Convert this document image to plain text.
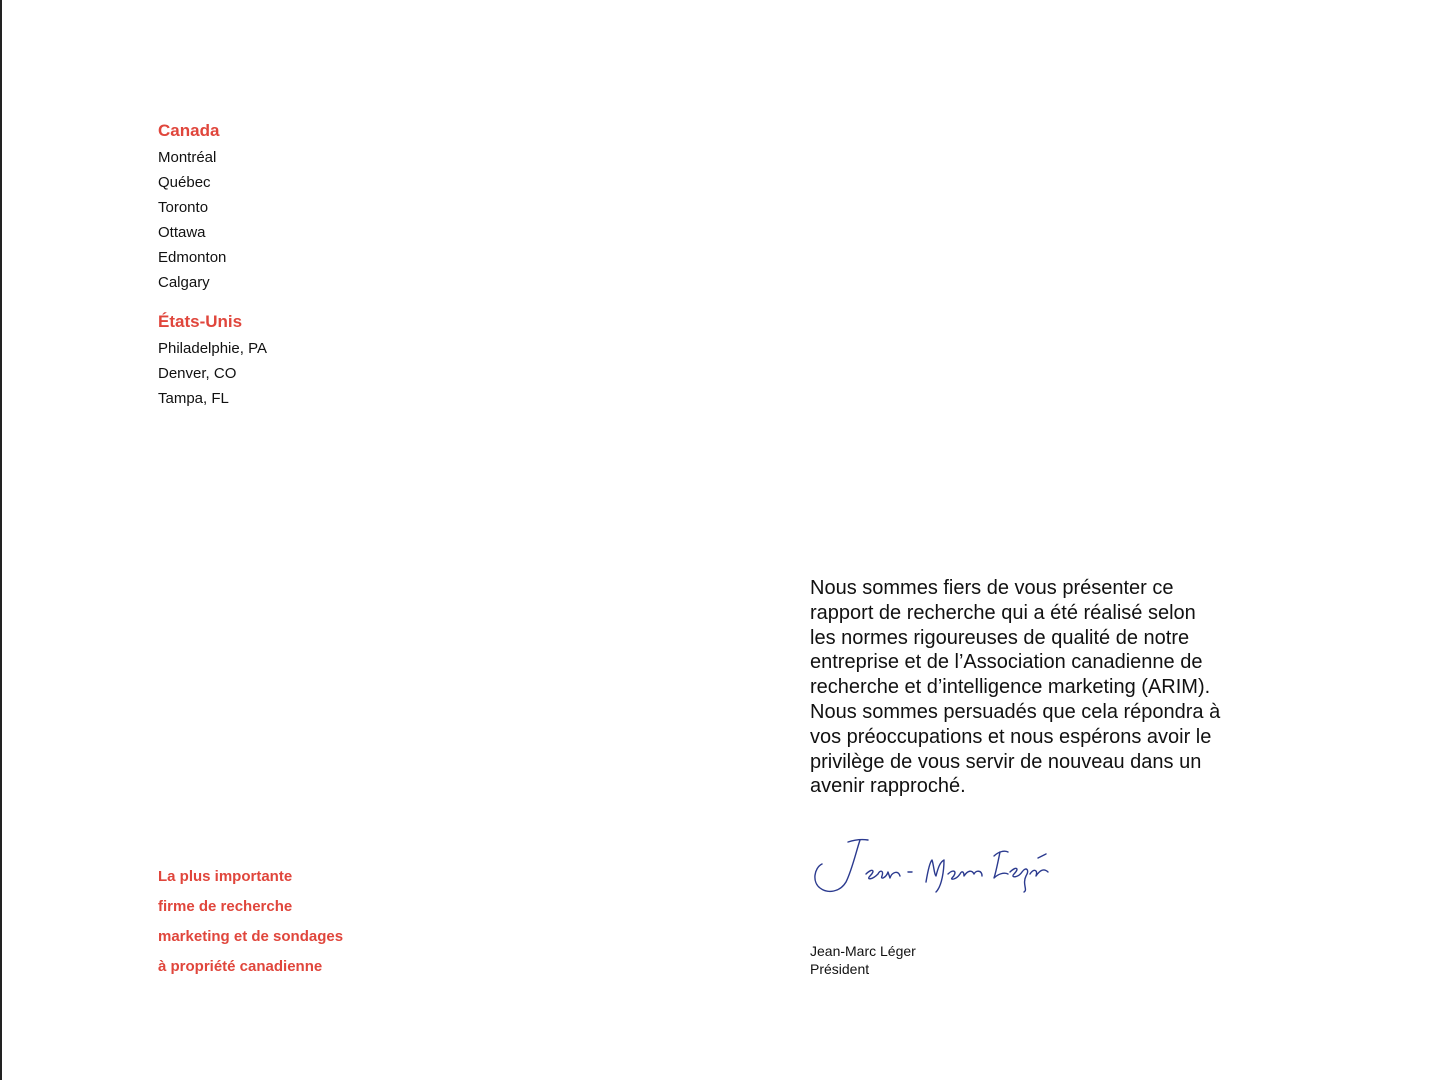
Canada
Montréal
Québec
Toronto
Ottawa
Edmonton
Calgary
États-Unis
Philadelphie, PA
Denver, CO
Tampa, FL
La plus importante
firme de recherche
marketing et de sondages
à propriété canadienne
Nous sommes fiers de vous présenter ce
rapport de recherche qui a été réalisé selon
les normes rigoureuses de qualité de notre
entreprise et de l’Association canadienne de
recherche et d’intelligence marketing (ARIM).
Nous sommes persuadés que cela répondra à
vos préoccupations et nous espérons avoir le
privilège de vous servir de nouveau dans un
avenir rapproché.
Jean-Marc Léger
Président
